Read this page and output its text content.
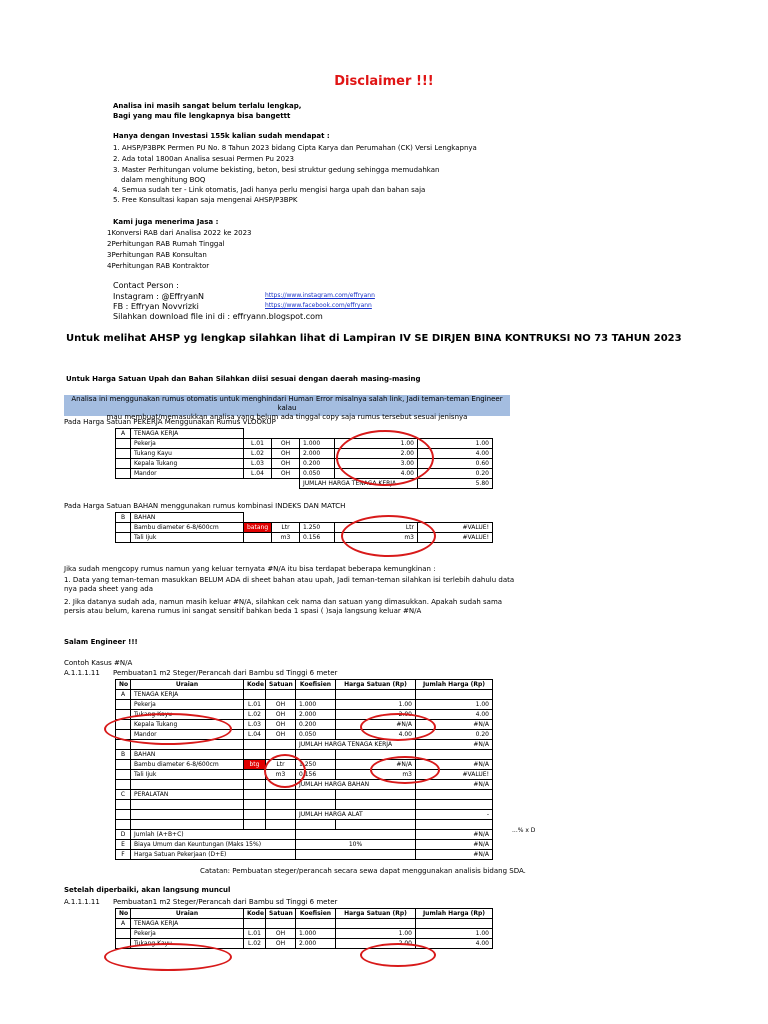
Disclaimer !!!
Analisa ini masih sangat belum terlalu lengkap,
Bagi yang mau file lengkapnya bisa bangettt
Hanya dengan Investasi 155k kalian sudah mendapat :
1. AHSP/P3BPK Permen PU No. 8 Tahun 2023 bidang Cipta Karya dan Perumahan (CK) Versi Lengkapnya
2. Ada total 1800an Analisa sesuai Permen Pu 2023
3. Master Perhitungan volume bekisting, beton, besi struktur gedung sehingga memudahkan
dalam menghitung BOQ
4. Semua sudah ter - Link otomatis, Jadi hanya perlu mengisi harga upah dan bahan saja
5. Free Konsultasi kapan saja mengenai AHSP/P3BPK
Kami juga menerima Jasa :
1Konversi RAB dari Analisa 2022 ke 2023
2Perhitungan RAB Rumah Tinggal
3Perhitungan RAB Konsultan
4Perhitungan RAB Kontraktor
Contact Person :
Instagram : @EffryanN	https://www.instagram.com/effryann
FB : Effryan Novvrizki	https://www.facebook.com/effryann
Silahkan download file ini di : effryann.blogspot.com
Untuk melihat AHSP yg lengkap silahkan lihat di Lampiran IV SE DIRJEN BINA KONTRUKSI NO 73 TAHUN 2023
Untuk Harga Satuan Upah dan Bahan Silahkan diisi sesuai dengan daerah masing-masing
Analisa ini menggunakan rumus otomatis untuk menghindari Human Error misalnya salah link, Jadi teman-teman Engineer kalau
mau membuat/memasukkan analisa yang belum ada tinggal copy saja rumus tersebut sesuai jenisnya
Pada Harga Satuan PEKERJA Menggunakan Rumus VLOOKUP
A	TENAGA KERJA					
	Pekerja	L.01	OH	1.000	1.00	1.00
	Tukang Kayu	L.02	OH	2.000	2.00	4.00
	Kepala Tukang	L.03	OH	0.200	3.00	0.60
	Mandor	L.04	OH	0.050	4.00	0.20
				JUMLAH HARGA TENAGA KERJA		5.80
Pada Harga Satuan BAHAN menggunakan rumus kombinasi INDEKS DAN MATCH
B	BAHAN					
	Bambu diameter 6-8/600cm	batang	Ltr	1.250	Ltr	#VALUE!
	Tali Ijuk		m3	0.156	m3	#VALUE!
Jika sudah mengcopy rumus namun yang keluar ternyata #N/A itu bisa terdapat beberapa kemungkinan :
1. Data yang teman-teman masukkan BELUM ADA di sheet bahan atau upah, Jadi teman-teman silahkan isi terlebih dahulu data
nya pada sheet yang ada
2. Jika datanya sudah ada, namun masih keluar #N/A, silahkan cek nama dan satuan yang dimasukkan. Apakah sudah sama
persis atau belum, karena rumus ini sangat sensitif bahkan beda 1 spasi ( )saja langsung keluar #N/A
Salam Engineer !!!
Contoh Kasus #N/A
A.1.1.1.11 Pembuatan1 m2 Steger/Perancah dari Bambu sd Tinggi 6 meter
No	Uraian	Kode	Satuan	Koefisien	Harga Satuan (Rp)	Jumlah Harga (Rp)
A	TENAGA KERJA					
	Pekerja	L.01	OH	1.000	1.00	1.00
	Tukang Kayu	L.02	OH	2.000	2.00	4.00
	Kepala Tukang	L.03	OH	0.200	#N/A	#N/A
	Mandor	L.04	OH	0.050	4.00	0.20
				JUMLAH HARGA TENAGA KERJA		#N/A
B	BAHAN					
	Bambu diameter 6-8/600cm	btg	Ltr	1.250	#N/A	#N/A
	Tali Ijuk		m3	0.156	m3	#VALUE!
				JUMLAH HARGA BAHAN		#N/A
C	PERALATAN					

				JUMLAH HARGA ALAT		-

D	Jumlah (A+B+C)					#N/A
E	Biaya Umum dan Keuntungan (Maks 15%)			10%		#N/A
F	Harga Satuan Pekerjaan (D+E)					#N/A
...% x D
Catatan: Pembuatan steger/perancah secara sewa dapat menggunakan analisis bidang SDA.
Setelah diperbaiki, akan langsung muncul
A.1.1.1.11 Pembuatan1 m2 Steger/Perancah dari Bambu sd Tinggi 6 meter
No	Uraian	Kode	Satuan	Koefisien	Harga Satuan (Rp)	Jumlah Harga (Rp)
A	TENAGA KERJA					
	Pekerja	L.01	OH	1.000	1.00	1.00
	Tukang Kayu	L.02	OH	2.000	2.00	4.00
